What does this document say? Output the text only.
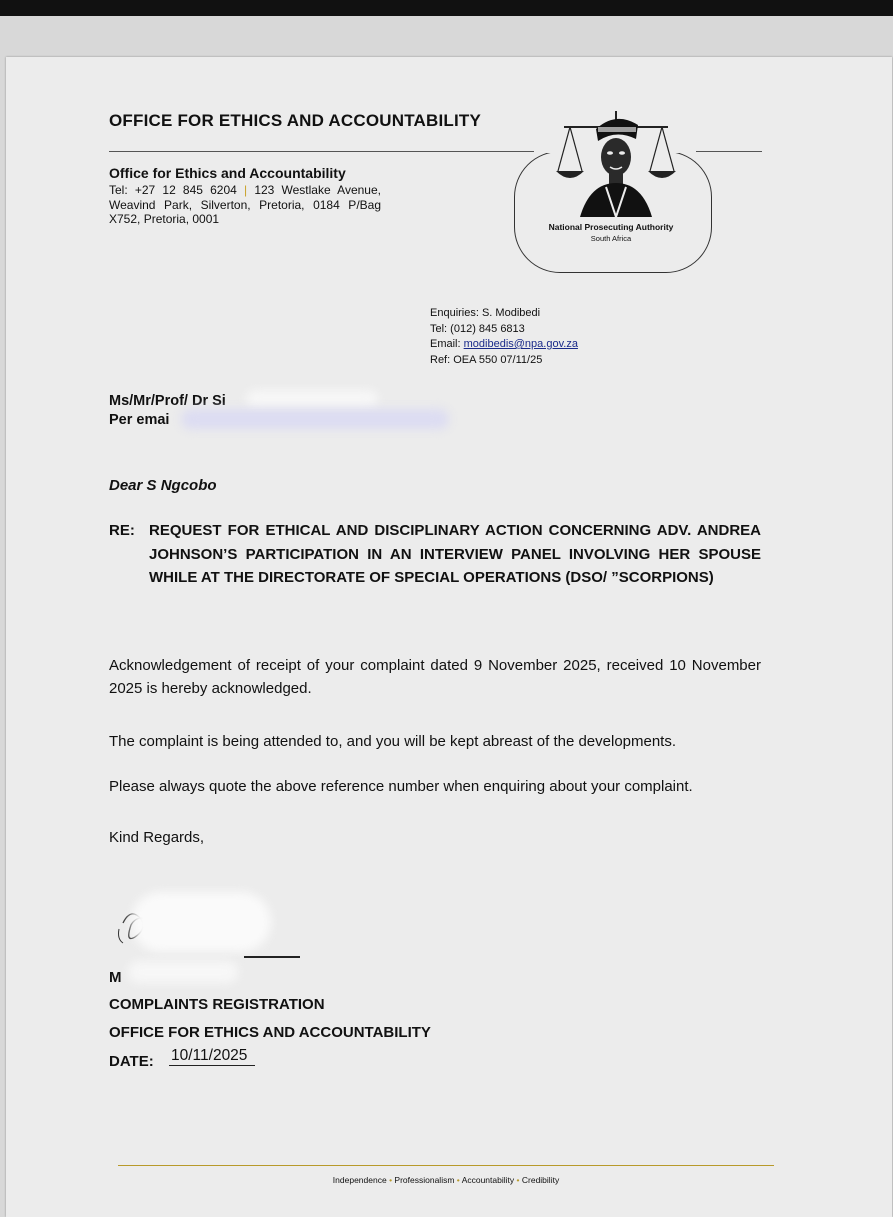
OFFICE FOR ETHICS AND ACCOUNTABILITY
Office for Ethics and Accountability
Tel: +27 12 845 6204 | 123 Westlake Avenue, Weavind Park, Silverton, Pretoria, 0184 P/Bag X752, Pretoria, 0001
National Prosecuting Authority
South Africa
Enquiries: S. Modibedi
Tel: (012) 845 6813
Email: modibedis@npa.gov.za
Ref: OEA 550 07/11/25
Ms/Mr/Prof/ Dr Si
Per emai
Dear S Ngcobo
RE: REQUEST FOR ETHICAL AND DISCIPLINARY ACTION CONCERNING ADV. ANDREA JOHNSON’S PARTICIPATION IN AN INTERVIEW PANEL INVOLVING HER SPOUSE WHILE AT THE DIRECTORATE OF SPECIAL OPERATIONS (DSO/ ”SCORPIONS)
Acknowledgement of receipt of your complaint dated 9 November 2025, received 10 November 2025 is hereby acknowledged.
The complaint is being attended to, and you will be kept abreast of the developments.
Please always quote the above reference number when enquiring about your complaint.
Kind Regards,
M
COMPLAINTS REGISTRATION
OFFICE FOR ETHICS AND ACCOUNTABILITY
DATE: 10/11/2025
Independence • Professionalism • Accountability • Credibility
